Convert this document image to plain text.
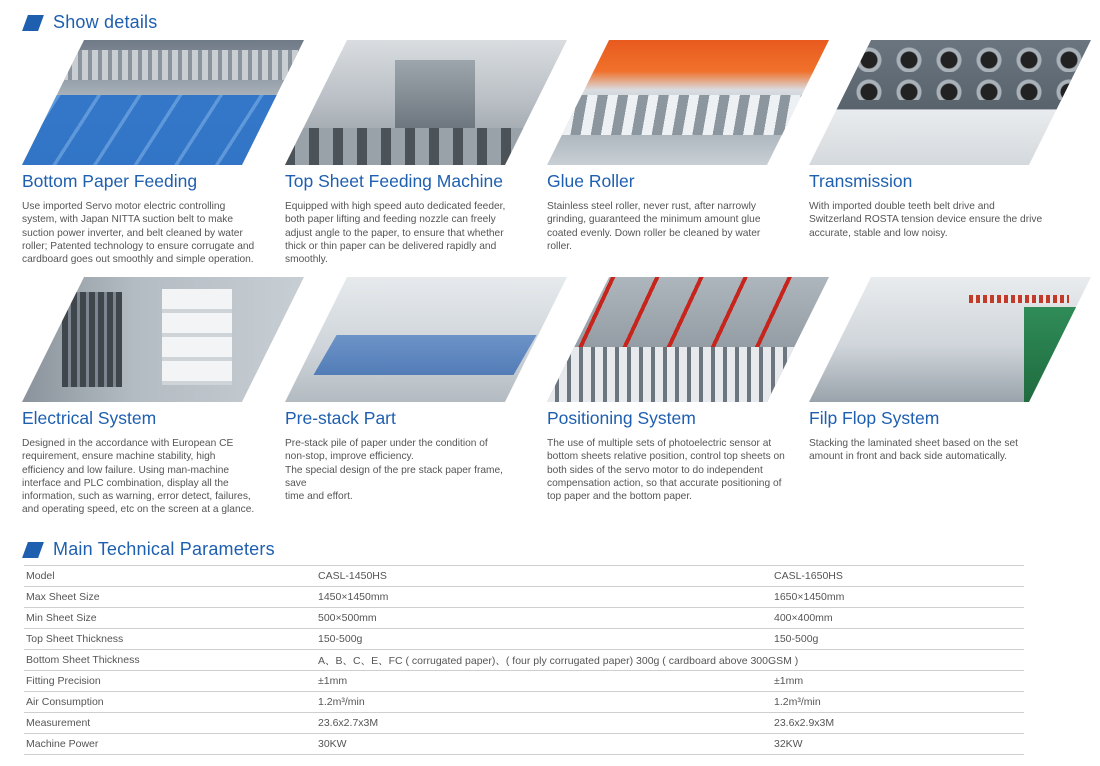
Show details
Bottom Paper Feeding
Use imported Servo motor electric controlling
system, with Japan NITTA suction belt to make
suction power inverter, and belt cleaned by water
roller; Patented technology to ensure corrugate and
cardboard goes out smoothly and simple operation.
Top Sheet Feeding Machine
Equipped with high speed auto dedicated feeder,
both paper lifting and feeding nozzle can freely
adjust angle to the paper, to ensure that whether
thick or thin paper can be delivered rapidly and
smoothly.
Glue Roller
Stainless steel roller, never rust, after narrowly
grinding, guaranteed the minimum amount glue
coated evenly. Down roller be cleaned by water
roller.
Transmission
With imported double teeth belt drive and
Switzerland ROSTA tension device ensure the drive
accurate, stable and low noisy.
Electrical System
Designed in the accordance with European CE
requirement, ensure machine stability, high
efficiency and low failure. Using man-machine
interface and PLC combination, display all the
information, such as warning, error detect, failures,
and operating speed, etc on the screen at a glance.
Pre-stack Part
Pre-stack pile of paper under the condition of
non-stop, improve efficiency.
The special design of the pre stack paper frame, save
time and effort.
Positioning System
The use of multiple sets of photoelectric sensor at
bottom sheets relative position, control top sheets on
both sides of the servo motor to do independent
compensation action, so that accurate positioning of
top paper and the bottom paper.
Filp Flop System
Stacking the laminated sheet based on the set
amount in front and back side automatically.
Main Technical Parameters
Model	CASL-1450HS	CASL-1650HS
Max Sheet Size	1450×1450mm	1650×1450mm
Min Sheet Size	500×500mm	400×400mm
Top Sheet Thickness	150-500g	150-500g
Bottom Sheet Thickness	A、B、C、E、FC ( corrugated paper)、( four ply corrugated paper) 300g ( cardboard above 300GSM )	
Fitting Precision	±1mm	±1mm
Air Consumption	1.2m³/min	1.2m³/min
Measurement	23.6x2.7x3M	23.6x2.9x3M
Machine Power	30KW	32KW
